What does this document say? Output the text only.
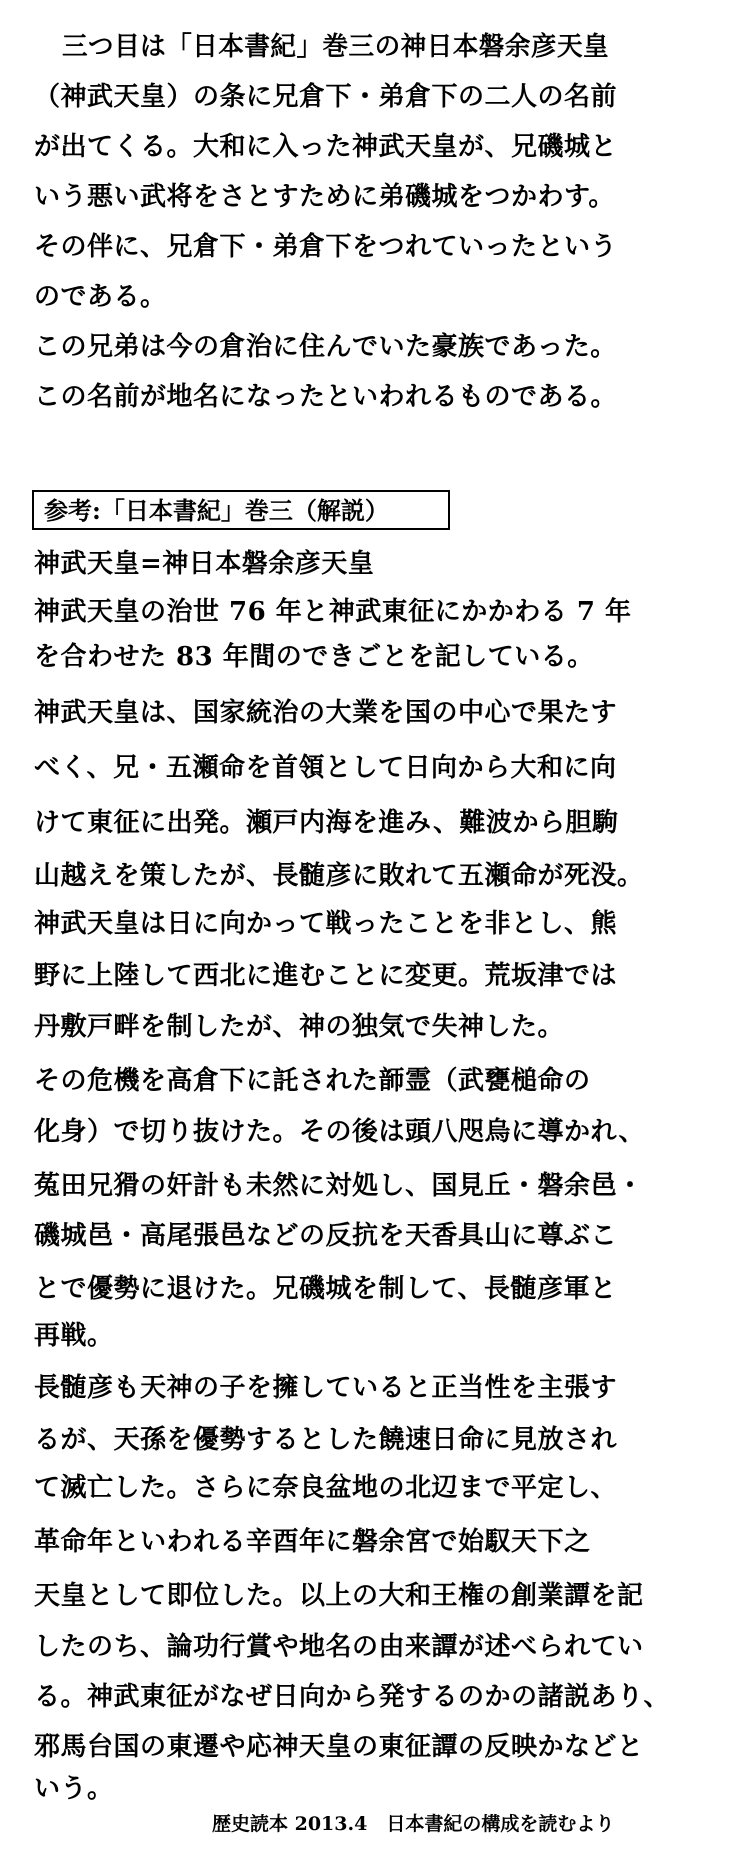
三つ目は「日本書紀」巻三の神日本磐余彦天皇
（神武天皇）の条に兄倉下・弟倉下の二人の名前
が出てくる。大和に入った神武天皇が、兄磯城と
いう悪い武将をさとすために弟磯城をつかわす。
その伴に、兄倉下・弟倉下をつれていったという
のである。
この兄弟は今の倉治に住んでいた豪族であった。
この名前が地名になったといわれるものである。
参考:「日本書紀」巻三（解説）
神武天皇=神日本磐余彦天皇
神武天皇の治世 76 年と神武東征にかかわる 7 年
を合わせた 83 年間のできごとを記している。
神武天皇は、国家統治の大業を国の中心で果たす
べく、兄・五瀬命を首領として日向から大和に向
けて東征に出発。瀬戸内海を進み、難波から胆駒
山越えを策したが、長髄彦に敗れて五瀬命が死没。
神武天皇は日に向かって戦ったことを非とし、熊
野に上陸して西北に進むことに変更。荒坂津では
丹敷戸畔を制したが、神の独気で失神した。
その危機を高倉下に託された韴霊（武甕槌命の
化身）で切り抜けた。その後は頭八咫烏に導かれ、
菟田兄猾の奸計も未然に対処し、国見丘・磐余邑・
磯城邑・高尾張邑などの反抗を天香具山に尊ぶこ
とで優勢に退けた。兄磯城を制して、長髄彦軍と
再戦。
長髄彦も天神の子を擁していると正当性を主張す
るが、天孫を優勢するとした饒速日命に見放され
て滅亡した。さらに奈良盆地の北辺まで平定し、
革命年といわれる辛酉年に磐余宮で始馭天下之
天皇として即位した。以上の大和王権の創業譚を記
したのち、論功行賞や地名の由来譚が述べられてい
る。神武東征がなぜ日向から発するのかの諸説あり、
邪馬台国の東遷や応神天皇の東征譚の反映かなどと
いう。
歴史読本 2013.4　日本書紀の構成を読むより
